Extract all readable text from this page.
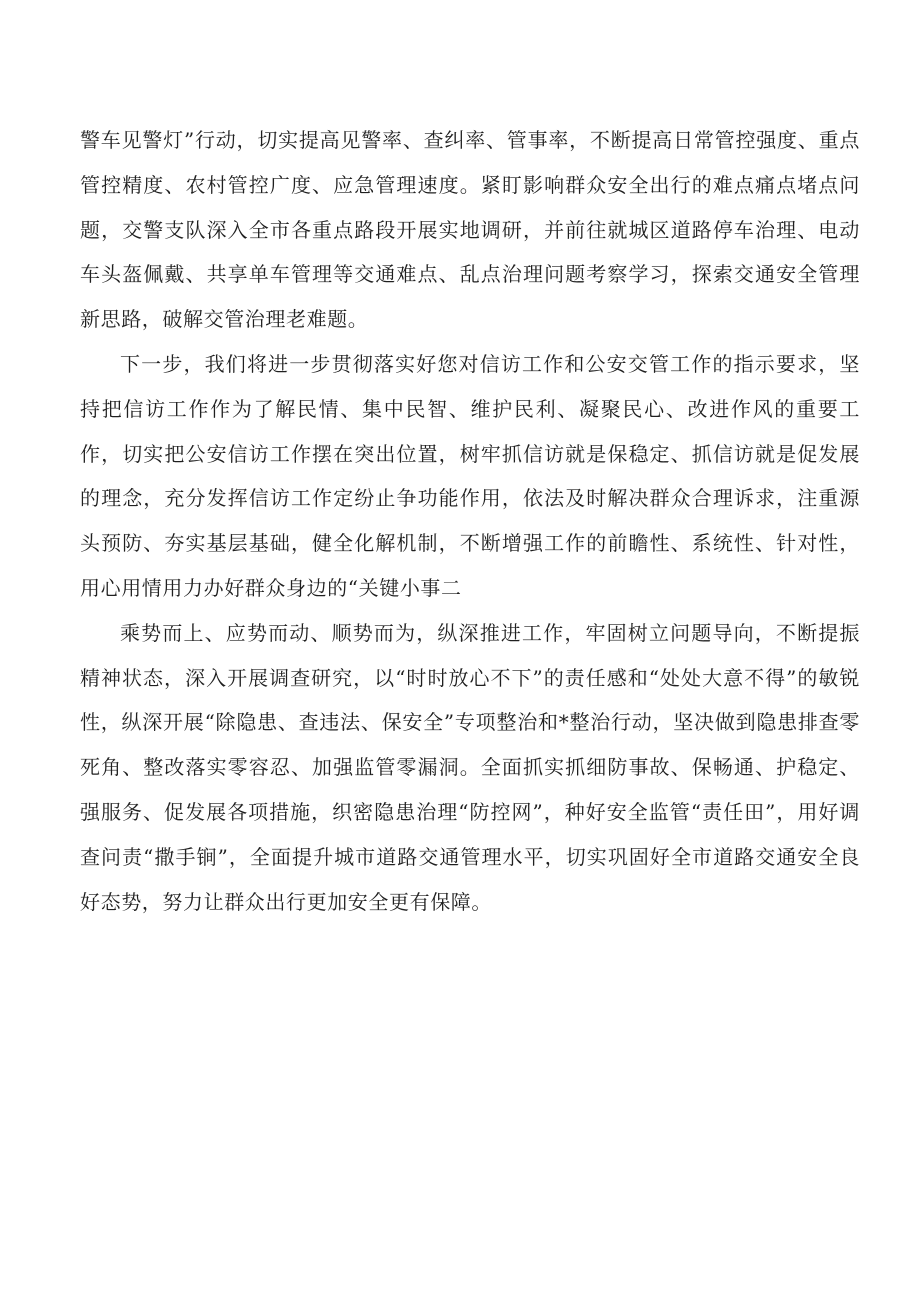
警车见警灯”行动，切实提高见警率、查纠率、管事率，不断提高日常管控强度、重点管控精度、农村管控广度、应急管理速度。紧盯影响群众安全出行的难点痛点堵点问题，交警支队深入全市各重点路段开展实地调研，并前往就城区道路停车治理、电动车头盔佩戴、共享单车管理等交通难点、乱点治理问题考察学习，探索交通安全管理新思路，破解交管治理老难题。

下一步，我们将进一步贯彻落实好您对信访工作和公安交管工作的指示要求，坚持把信访工作作为了解民情、集中民智、维护民利、凝聚民心、改进作风的重要工作，切实把公安信访工作摆在突出位置，树牢抓信访就是保稳定、抓信访就是促发展的理念，充分发挥信访工作定纷止争功能作用，依法及时解决群众合理诉求，注重源头预防、夯实基层基础，健全化解机制，不断增强工作的前瞻性、系统性、针对性，用心用情用力办好群众身边的“关键小事二

乘势而上、应势而动、顺势而为，纵深推进工作，牢固树立问题导向，不断提振精神状态，深入开展调查研究，以“时时放心不下”的责任感和“处处大意不得”的敏锐性，纵深开展“除隐患、查违法、保安全”专项整治和*整治行动，坚决做到隐患排查零死角、整改落实零容忍、加强监管零漏洞。全面抓实抓细防事故、保畅通、护稳定、强服务、促发展各项措施，织密隐患治理“防控网”，种好安全监管“责任田”，用好调查问责“撒手锏”，全面提升城市道路交通管理水平，切实巩固好全市道路交通安全良好态势，努力让群众出行更加安全更有保障。
